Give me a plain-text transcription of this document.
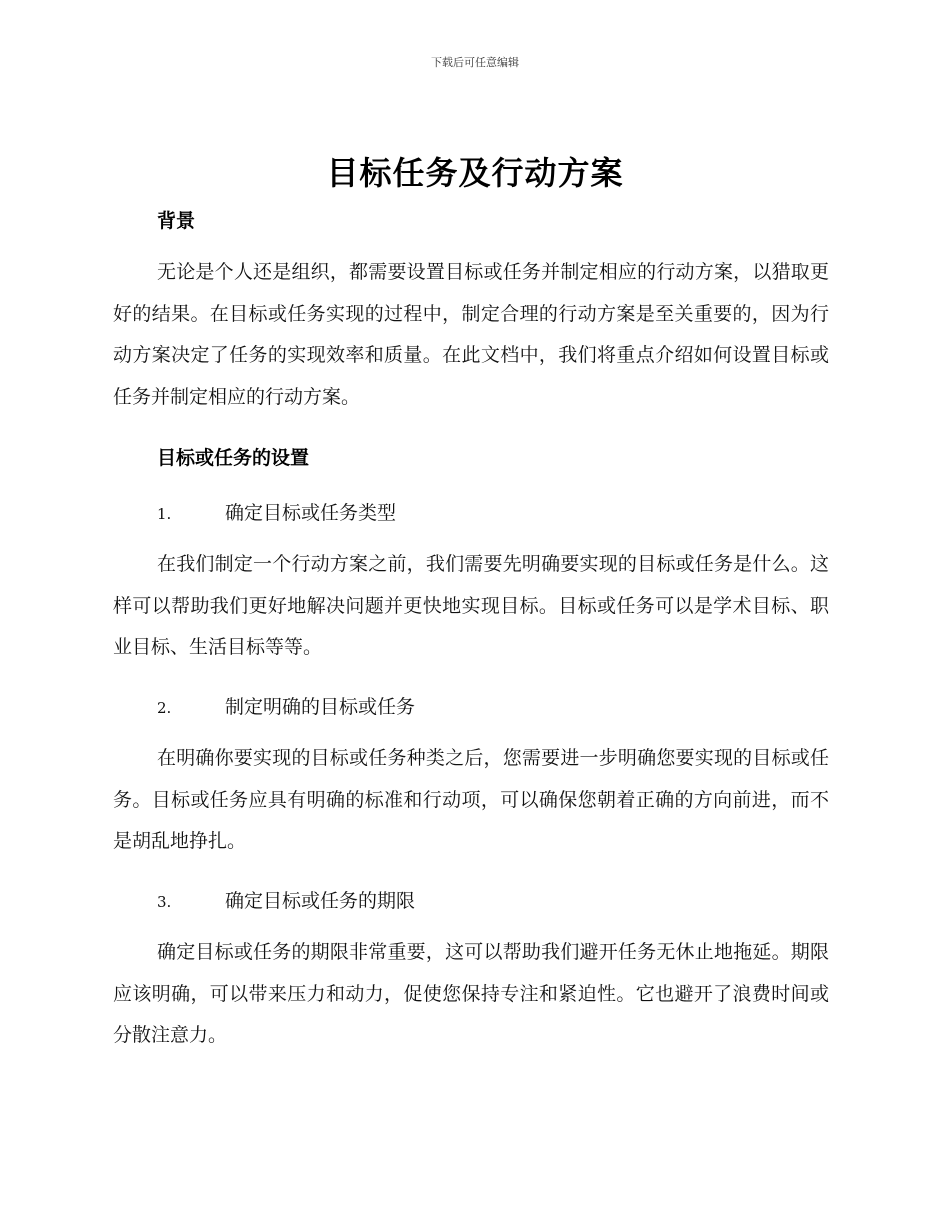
下载后可任意编辑
目标任务及行动方案
背景

无论是个人还是组织，都需要设置目标或任务并制定相应的行动方案，以猎取更好的结果。在目标或任务实现的过程中，制定合理的行动方案是至关重要的，因为行动方案决定了任务的实现效率和质量。在此文档中，我们将重点介绍如何设置目标或任务并制定相应的行动方案。

目标或任务的设置
1.	确定目标或任务类型

在我们制定一个行动方案之前，我们需要先明确要实现的目标或任务是什么。这样可以帮助我们更好地解决问题并更快地实现目标。目标或任务可以是学术目标、职业目标、生活目标等等。

2.	制定明确的目标或任务

在明确你要实现的目标或任务种类之后，您需要进一步明确您要实现的目标或任务。目标或任务应具有明确的标准和行动项，可以确保您朝着正确的方向前进，而不是胡乱地挣扎。

3.	确定目标或任务的期限

确定目标或任务的期限非常重要，这可以帮助我们避开任务无休止地拖延。期限应该明确，可以带来压力和动力，促使您保持专注和紧迫性。它也避开了浪费时间或分散注意力。
